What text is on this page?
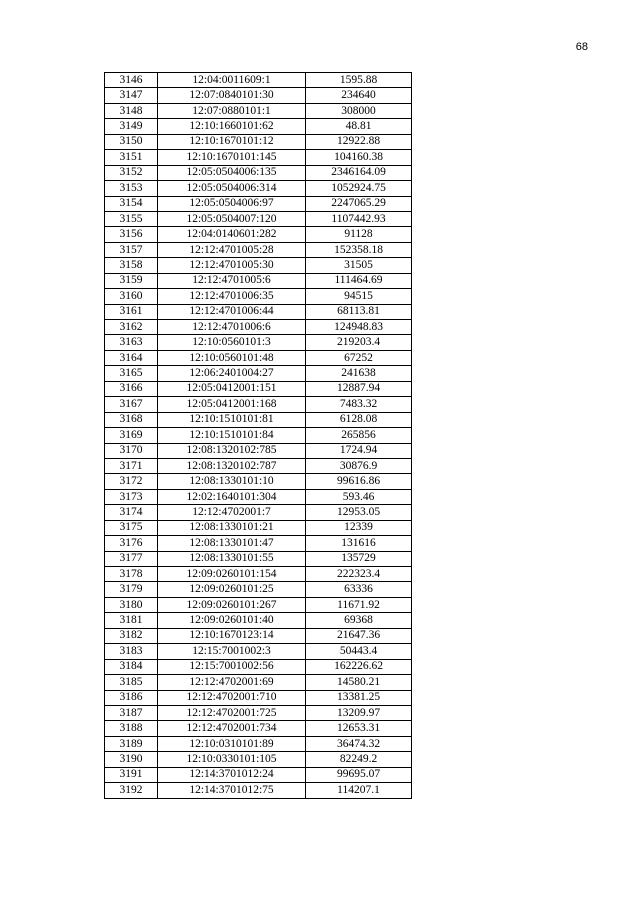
68
3146	12:04:0011609:1	1595.88
3147	12:07:0840101:30	234640
3148	12:07:0880101:1	308000
3149	12:10:1660101:62	48.81
3150	12:10:1670101:12	12922.88
3151	12:10:1670101:145	104160.38
3152	12:05:0504006:135	2346164.09
3153	12:05:0504006:314	1052924.75
3154	12:05:0504006:97	2247065.29
3155	12:05:0504007:120	1107442.93
3156	12:04:0140601:282	91128
3157	12:12:4701005:28	152358.18
3158	12:12:4701005:30	31505
3159	12:12:4701005:6	111464.69
3160	12:12:4701006:35	94515
3161	12:12:4701006:44	68113.81
3162	12:12:4701006:6	124948.83
3163	12:10:0560101:3	219203.4
3164	12:10:0560101:48	67252
3165	12:06:2401004:27	241638
3166	12:05:0412001:151	12887.94
3167	12:05:0412001:168	7483.32
3168	12:10:1510101:81	6128.08
3169	12:10:1510101:84	265856
3170	12:08:1320102:785	1724.94
3171	12:08:1320102:787	30876.9
3172	12:08:1330101:10	99616.86
3173	12:02:1640101:304	593.46
3174	12:12:4702001:7	12953.05
3175	12:08:1330101:21	12339
3176	12:08:1330101:47	131616
3177	12:08:1330101:55	135729
3178	12:09:0260101:154	222323.4
3179	12:09:0260101:25	63336
3180	12:09:0260101:267	11671.92
3181	12:09:0260101:40	69368
3182	12:10:1670123:14	21647.36
3183	12:15:7001002:3	50443.4
3184	12:15:7001002:56	162226.62
3185	12:12:4702001:69	14580.21
3186	12:12:4702001:710	13381.25
3187	12:12:4702001:725	13209.97
3188	12:12:4702001:734	12653.31
3189	12:10:0310101:89	36474.32
3190	12:10:0330101:105	82249.2
3191	12:14:3701012:24	99695.07
3192	12:14:3701012:75	114207.1
